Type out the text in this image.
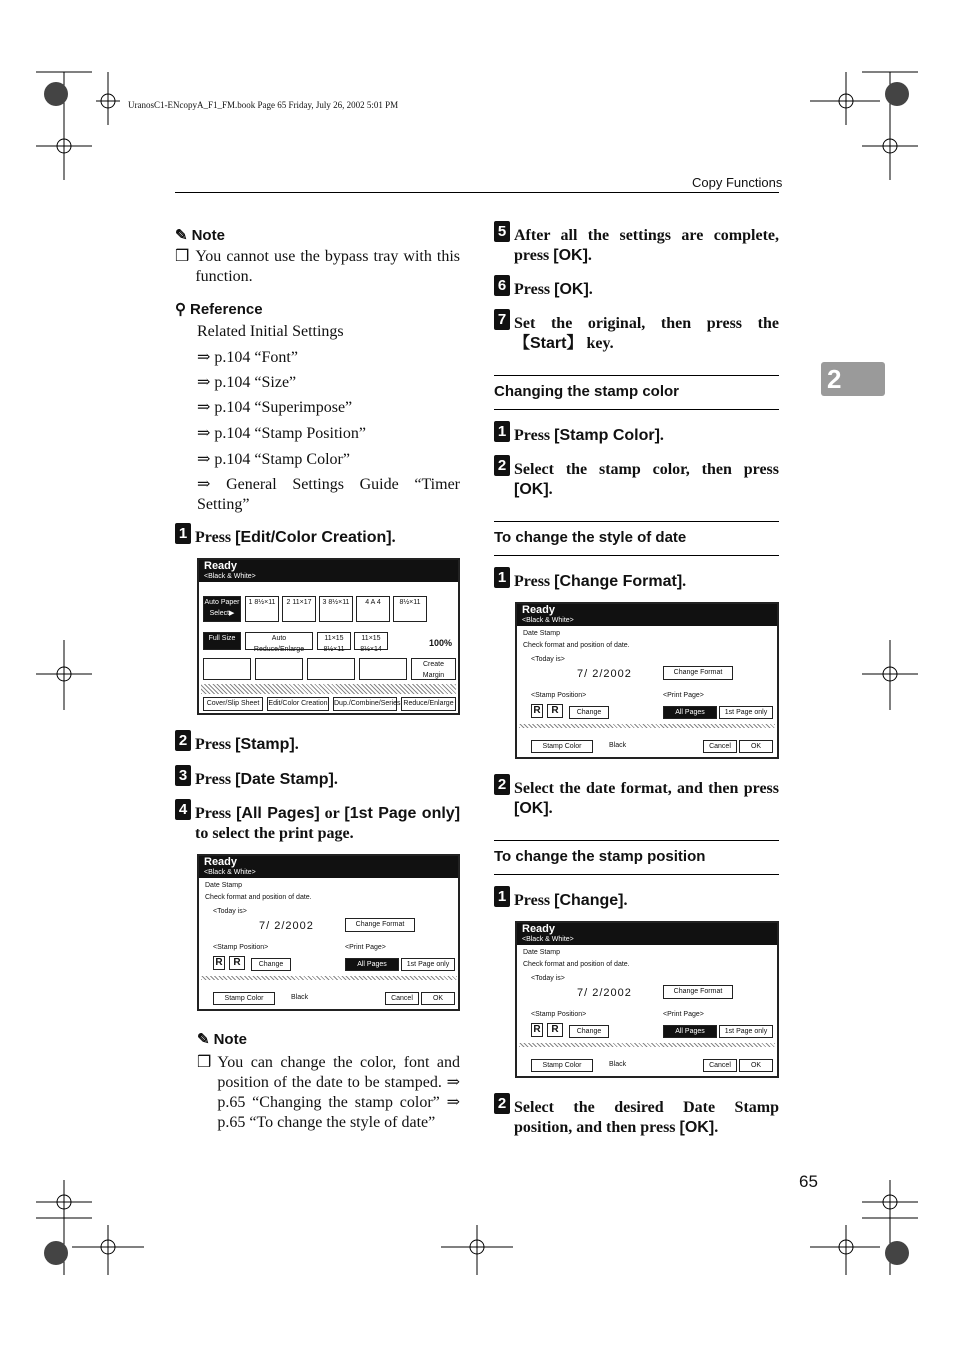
UranosC1-ENcopyA_F1_FM.book Page 65 Friday, July 26, 2002 5:01 PM
Copy Functions
2
✎ Note
❒ You cannot use the bypass tray with this function.
⚲ Reference
Related Initial Settings
⇒ p.104 “Font”
⇒ p.104 “Size”
⇒ p.104 “Superimpose”
⇒ p.104 “Stamp Position”
⇒ p.104 “Stamp Color”
⇒ General Settings Guide “Timer Setting”
1 Press [Edit/Color Creation].
Ready
<Black & White>
Auto Paper Select▶
1 8½×11	2 11×17	3 8½×11	4 A 4	8½×11
Full Size	Auto Reduce/Enlarge
11×15 8½×11
11×15 8½×14
100%
Create Margin
Cover/Slip Sheet	Edit/Color Creation Dup./Combine/Series Reduce/Enlarge
2 Press [Stamp].
3 Press [Date Stamp].
4 Press [All Pages] or [1st Page only] to select the print page.
Ready
<Black & White>
Date Stamp
Check format and position of date.
<Today is>
7/ 2/2002	Change Format
<Stamp Position>	<Print Page>
R	R	Change	All Pages	1st Page only
Stamp Color	Black	Cancel	OK
Ready
<Black & White>
Date Stamp
Check format and position of date.
<Today is>
7/ 2/2002	Change Format
<Stamp Position>	<Print Page>
R	R	Change	All Pages	1st Page only
Stamp Color	Black	Cancel	OK
Ready
<Black & White>
Date Stamp
Check format and position of date.
<Today is>
7/ 2/2002	Change Format
<Stamp Position>	<Print Page>
R	R	Change	All Pages	1st Page only
Stamp Color	Black	Cancel	OK
✎ Note
❒ You can change the color, font and position of the date to be stamped. ⇒ p.65 “Changing the stamp color” ⇒ p.65 “To change the style of date”
5 After all the settings are complete, press [OK].
6 Press [OK].
7 Set the original, then press the 【Start】 key.
Changing the stamp color
1 Press [Stamp Color].
2 Select the stamp color, then press [OK].
To change the style of date
1 Press [Change Format].
2 Select the date format, and then press [OK].
To change the stamp position
1 Press [Change].
2 Select the desired Date Stamp position, and then press [OK].
65
